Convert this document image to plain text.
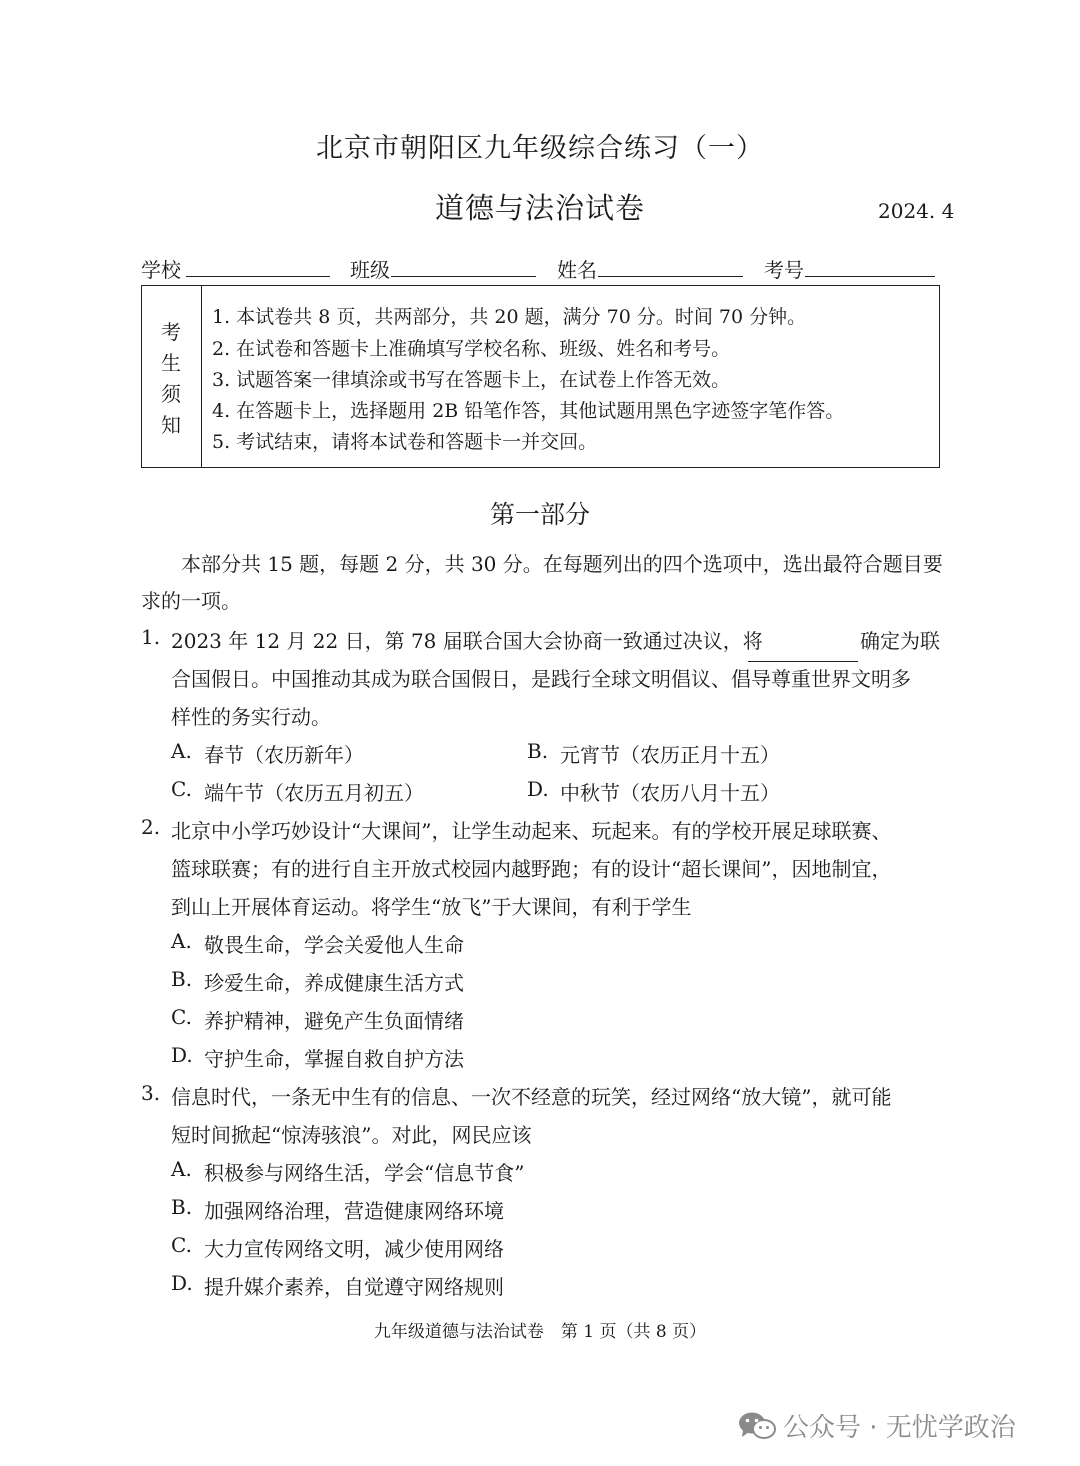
北京市朝阳区九年级综合练习（一）
道德与法治试卷	2024. 4
学校	班级	姓名	考号
考
生
须
知
1. 本试卷共 8 页，共两部分，共 20 题，满分 70 分。时间 70 分钟。
2. 在试卷和答题卡上准确填写学校名称、班级、姓名和考号。
3. 试题答案一律填涂或书写在答题卡上，在试卷上作答无效。
4. 在答题卡上，选择题用 2B 铅笔作答，其他试题用黑色字迹签字笔作答。
5. 考试结束，请将本试卷和答题卡一并交回。
第一部分
本部分共 15 题，每题 2 分，共 30 分。在每题列出的四个选项中，选出最符合题目要
求的一项。
1. 2023 年 12 月 22 日，第 78 届联合国大会协商一致通过决议，将	确定为联
合国假日。中国推动其成为联合国假日，是践行全球文明倡议、倡导尊重世界文明多
样性的务实行动。
A. 春节（农历新年）	B. 元宵节（农历正月十五）
C. 端午节（农历五月初五）	D. 中秋节（农历八月十五）
2. 北京中小学巧妙设计“大课间”，让学生动起来、玩起来。有的学校开展足球联赛、
篮球联赛；有的进行自主开放式校园内越野跑；有的设计“超长课间”，因地制宜，
到山上开展体育运动。将学生“放飞”于大课间，有利于学生
A. 敬畏生命，学会关爱他人生命
B. 珍爱生命，养成健康生活方式
C. 养护精神，避免产生负面情绪
D. 守护生命，掌握自救自护方法
3. 信息时代，一条无中生有的信息、一次不经意的玩笑，经过网络“放大镜”，就可能
短时间掀起“惊涛骇浪”。对此，网民应该
A. 积极参与网络生活，学会“信息节食”
B. 加强网络治理，营造健康网络环境
C. 大力宣传网络文明，减少使用网络
D. 提升媒介素养，自觉遵守网络规则
九年级道德与法治试卷　第 1 页（共 8 页）
公众号 · 无忧学政治
